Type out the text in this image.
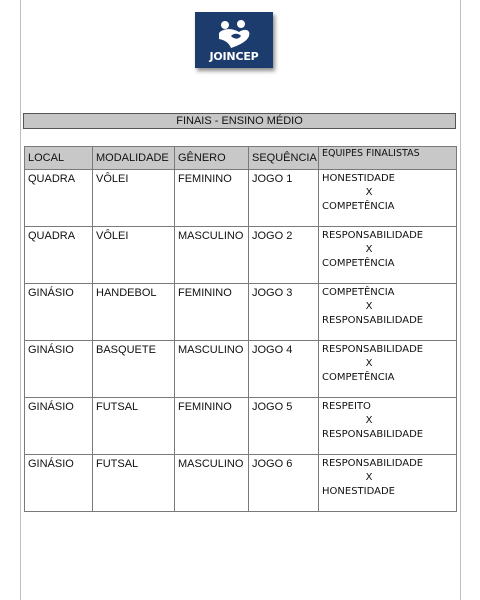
JOINCEP
FINAIS - ENSINO MÉDIO
LOCAL	MODALIDADE	GÊNERO	SEQUÊNCIA	EQUIPES FINALISTAS
QUADRA	VÔLEI	FEMININO	JOGO 1	HONESTIDADE
X
COMPETÊNCIA

QUADRA	VÔLEI	MASCULINO	JOGO 2	RESPONSABILIDADE
X
COMPETÊNCIA

GINÁSIO	HANDEBOL	FEMININO	JOGO 3	COMPETÊNCIA
X
RESPONSABILIDADE

GINÁSIO	BASQUETE	MASCULINO	JOGO 4	RESPONSABILIDADE
X
COMPETÊNCIA

GINÁSIO	FUTSAL	FEMININO	JOGO 5	RESPEITO
X
RESPONSABILIDADE

GINÁSIO	FUTSAL	MASCULINO	JOGO 6	RESPONSABILIDADE
X
HONESTIDADE
